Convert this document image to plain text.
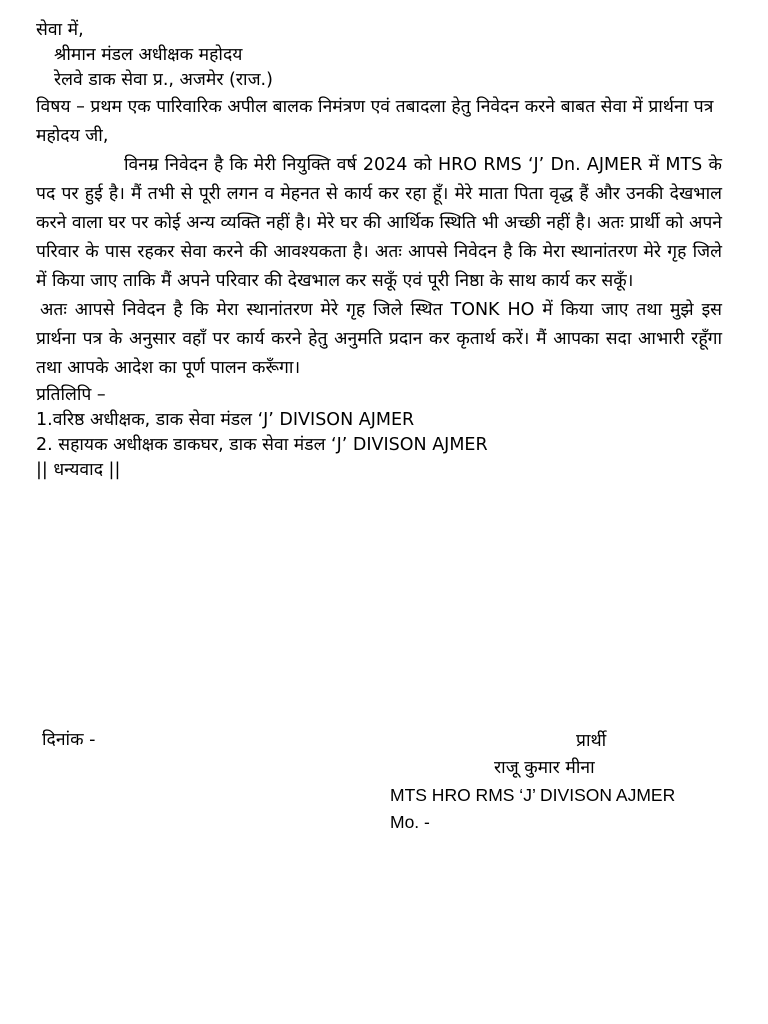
सेवा में,
श्रीमान मंडल अधीक्षक महोदय
रेलवे डाक सेवा प्र., अजमेर (राज.)
विषय – प्रथम एक पारिवारिक अपील बालक निमंत्रण एवं तबादला हेतु निवेदन करने बाबत सेवा में प्रार्थना पत्र
महोदय जी,
विनम्र निवेदन है कि मेरी नियुक्ति वर्ष 2024 को HRO RMS ‘J’ Dn. AJMER में MTS के पद पर हुई है। मैं तभी से पूरी लगन व मेहनत से कार्य कर रहा हूँ। मेरे माता पिता वृद्ध हैं और उनकी देखभाल करने वाला घर पर कोई अन्य व्यक्ति नहीं है। मेरे घर की आर्थिक स्थिति भी अच्छी नहीं है। अतः प्रार्थी को अपने परिवार के पास रहकर सेवा करने की आवश्यकता है। अतः आपसे निवेदन है कि मेरा स्थानांतरण मेरे गृह जिले में किया जाए ताकि मैं अपने परिवार की देखभाल कर सकूँ एवं पूरी निष्ठा के साथ कार्य कर सकूँ।
अतः आपसे निवेदन है कि मेरा स्थानांतरण मेरे गृह जिले स्थित TONK HO में किया जाए तथा मुझे इस प्रार्थना पत्र के अनुसार वहाँ पर कार्य करने हेतु अनुमति प्रदान कर कृतार्थ करें। मैं आपका सदा आभारी रहूँगा तथा आपके आदेश का पूर्ण पालन करूँगा।
प्रतिलिपि –
1.वरिष्ठ अधीक्षक, डाक सेवा मंडल ‘J’ DIVISON AJMER
2. सहायक अधीक्षक डाकघर, डाक सेवा मंडल ‘J’ DIVISON AJMER
|| धन्यवाद ||
दिनांक -	प्रार्थी
राजू कुमार मीना
MTS HRO RMS ‘J’ DIVISON AJMER
Mo. -
